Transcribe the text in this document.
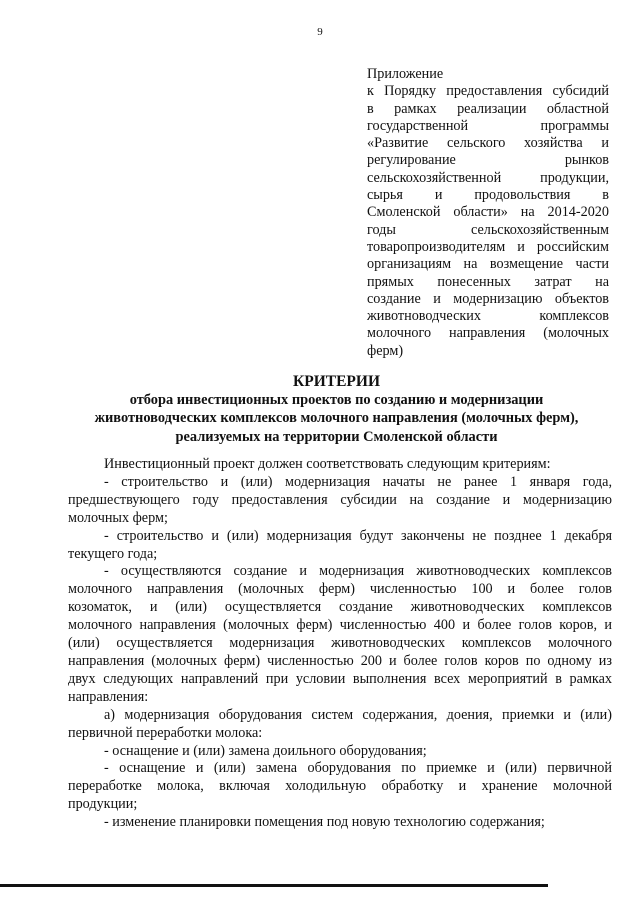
9
Приложение
к Порядку предоставления субсидий
в рамках реализации областной
государственной программы
«Развитие сельского хозяйства и
регулирование рынков
сельскохозяйственной продукции,
сырья и продовольствия в
Смоленской области» на 2014-2020
годы сельскохозяйственным
товаропроизводителям и российским
организациям на возмещение части
прямых понесенных затрат на
создание и модернизацию объектов
животноводческих комплексов
молочного направления (молочных
ферм)
КРИТЕРИИ
отбора инвестиционных проектов по созданию и модернизации
животноводческих комплексов молочного направления (молочных ферм),
реализуемых на территории Смоленской области
Инвестиционный проект должен соответствовать следующим критериям:
- строительство и (или) модернизация начаты не ранее 1 января года,
предшествующего году предоставления субсидии на создание и модернизацию
молочных ферм;
- строительство и (или) модернизация будут закончены не позднее 1 декабря
текущего года;
- осуществляются создание и модернизация животноводческих комплексов
молочного направления (молочных ферм) численностью 100 и более голов
козоматок, и (или) осуществляется создание животноводческих комплексов
молочного направления (молочных ферм) численностью 400 и более голов коров, и
(или) осуществляется модернизация животноводческих комплексов молочного
направления (молочных ферм) численностью 200 и более голов коров по одному из
двух следующих направлений при условии выполнения всех мероприятий в рамках
направления:
а) модернизация оборудования систем содержания, доения, приемки и (или)
первичной переработки молока:
- оснащение и (или) замена доильного оборудования;
- оснащение и (или) замена оборудования по приемке и (или) первичной
переработке молока, включая холодильную обработку и хранение молочной
продукции;
- изменение планировки помещения под новую технологию содержания;
